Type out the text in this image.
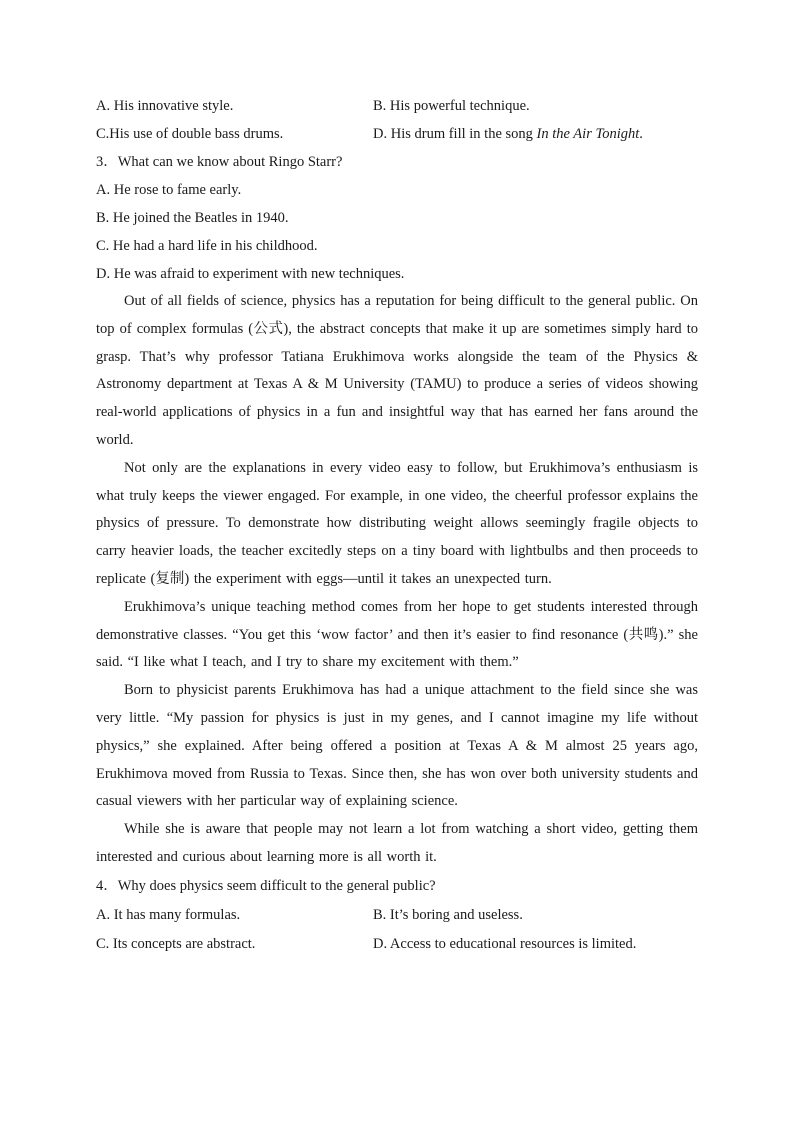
A. His innovative style.	B. His powerful technique.
C.His use of double bass drums.	D. His drum fill in the song In the Air Tonight.
3．What can we know about Ringo Starr?
A. He rose to fame early.
B. He joined the Beatles in 1940.
C. He had a hard life in his childhood.
D. He was afraid to experiment with new techniques.

Out of all fields of science, physics has a reputation for being difficult to the general public. On top of complex formulas (公式), the abstract concepts that make it up are sometimes simply hard to grasp. That’s why professor Tatiana Erukhimova works alongside the team of the Physics & Astronomy department at Texas A & M University (TAMU) to produce a series of videos showing real-world applications of physics in a fun and insightful way that has earned her fans around the world.

Not only are the explanations in every video easy to follow, but Erukhimova’s enthusiasm is what truly keeps the viewer engaged. For example, in one video, the cheerful professor explains the physics of pressure. To demonstrate how distributing weight allows seemingly fragile objects to carry heavier loads, the teacher excitedly steps on a tiny board with lightbulbs and then proceeds to replicate (复制) the experiment with eggs—until it takes an unexpected turn.

Erukhimova’s unique teaching method comes from her hope to get students interested through demonstrative classes. “You get this ‘wow factor’ and then it’s easier to find resonance (共鸣).” she said. “I like what I teach, and I try to share my excitement with them.”

Born to physicist parents Erukhimova has had a unique attachment to the field since she was very little. “My passion for physics is just in my genes, and I cannot imagine my life without physics,” she explained. After being offered a position at Texas A & M almost 25 years ago, Erukhimova moved from Russia to Texas. Since then, she has won over both university students and casual viewers with her particular way of explaining science.

While she is aware that people may not learn a lot from watching a short video, getting them interested and curious about learning more is all worth it.

4．Why does physics seem difficult to the general public?
A. It has many formulas.	B. It’s boring and useless.
C. Its concepts are abstract.	D. Access to educational resources is limited.
